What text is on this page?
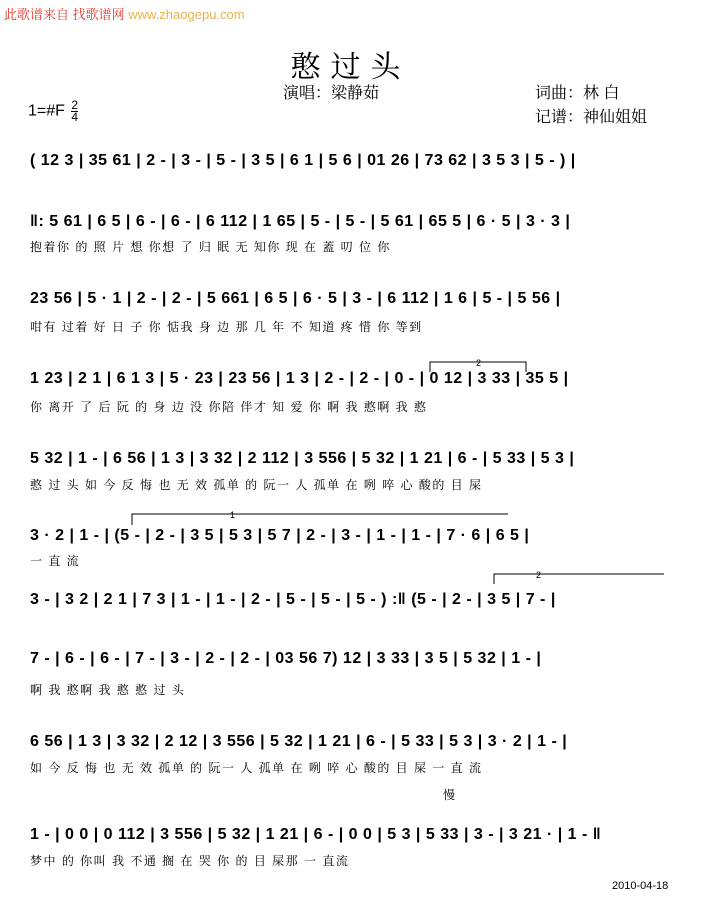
此歌谱来自 找歌谱网 www.zhaogepu.com
憨过头
演唱：梁静茹	词曲：林 白
记谱：神仙姐姐
1=#F $\frac{2}{4}$
( 12 3 | 35 61 | 2 - | 3 - | 5 - | 3 5 | 6 1 | 5 6 | 01 26 | 73 62 | 3 5 3 | 5 - ) |
‖: 5 61 | 6 5 | 6 - | 6 - | 6 112 | 1 65 | 5 - | 5 - | 5 61 | 65 5 | 6 · 5 | 3 · 3 |
抱着你 的 照 片 想 你想 了 归 眠 无 知你 现 在 蓋 叨 位 你
23 56 | 5 · 1 | 2 - | 2 - | 5 661 | 6 5 | 6 · 5 | 3 - | 6 112 | 1 6 | 5 - | 5 56 |
咁有 过着 好 日 子 你 惦我 身 边 那 几 年 不 知道 疼 惜 你 等到
1 23 | 2 1 | 6 1 3 | 5 · 23 | 23 56 | 1 3 | 2 - | 2 - | 0 - | 0 12 | 3 33 | 35 5 |
你 离开 了 后 阮 的 身 边 没 你陪 伴才 知 爱 你 啊 我 憨啊 我 憨
5 32 | 1 - | 6 56 | 1 3 | 3 32 | 2 112 | 3 556 | 5 32 | 1 21 | 6 - | 5 33 | 5 3 |
憨 过 头 如 今 反 悔 也 无 效 孤单 的 阮一 人 孤单 在 咧 啐 心 酸的 目 屎
3 · 2 | 1 - | (5 - | 2 - | 3 5 | 5 3 | 5 7 | 2 - | 3 - | 1 - | 1 - | 7 · 6 | 6 5 |
一 直 流
3 - | 3 2 | 2 1 | 7 3 | 1 - | 1 - | 2 - | 5 - | 5 - | 5 - ) :‖ (5 - | 2 - | 3 5 | 7 - |
7 - | 6 - | 6 - | 7 - | 3 - | 2 - | 2 - | 03 56 7) 12 | 3 33 | 3 5 | 5 32 | 1 - |
啊 我 憨啊 我 憨 憨 过 头
6 56 | 1 3 | 3 32 | 2 12 | 3 556 | 5 32 | 1 21 | 6 - | 5 33 | 5 3 | 3 · 2 | 1 - |
如 今 反 悔 也 无 效 孤单 的 阮一 人 孤单 在 咧 啐 心 酸的 目 屎 一 直 流
慢
1 - | 0 0 | 0 112 | 3 556 | 5 32 | 1 21 | 6 - | 0 0 | 5 3 | 5 33 | 3 - | 3 21 · | 1 - ‖
梦中 的 你叫 我 不通 搁 在 哭 你 的 目 屎那 一 直流
2
1
2
2010-04-18
